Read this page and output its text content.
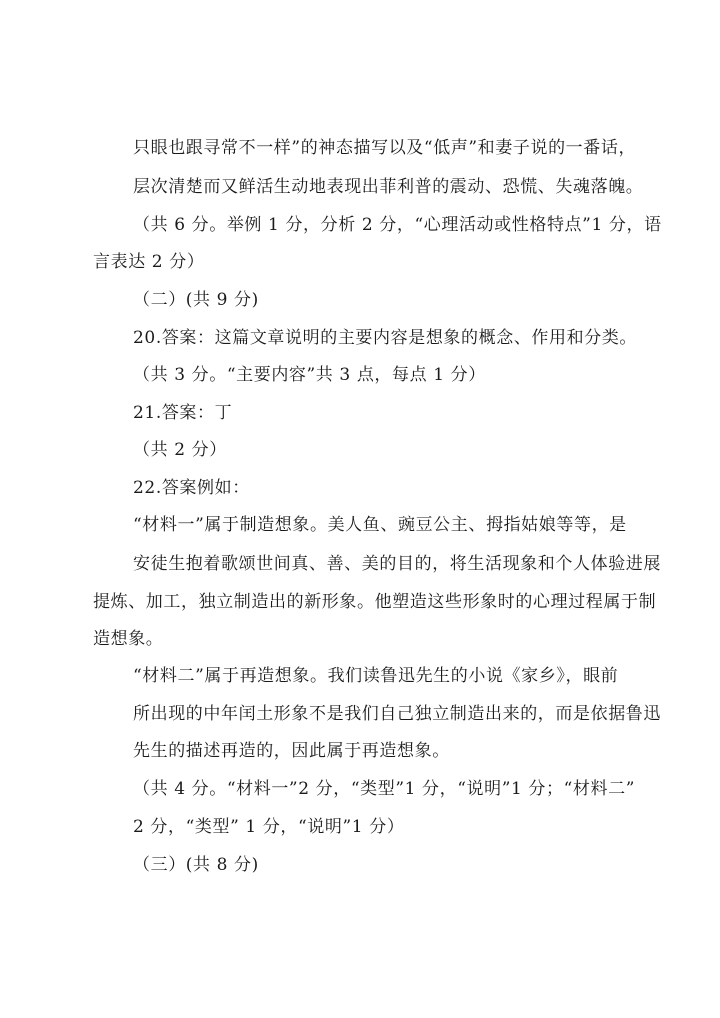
只眼也跟寻常不一样”的神态描写以及“低声”和妻子说的一番话，
层次清楚而又鲜活生动地表现出菲利普的震动、恐慌、失魂落魄。
（共 6 分。举例 1 分，分析 2 分，“心理活动或性格特点”1 分，语
言表达 2 分）
（二）(共 9 分)
20.答案：这篇文章说明的主要内容是想象的概念、作用和分类。
（共 3 分。“主要内容”共 3 点，每点 1 分）
21.答案：丁
（共 2 分）
22.答案例如：
“材料一”属于制造想象。美人鱼、豌豆公主、拇指姑娘等等，是
安徒生抱着歌颂世间真、善、美的目的，将生活现象和个人体验进展
提炼、加工，独立制造出的新形象。他塑造这些形象时的心理过程属于制
造想象。
“材料二”属于再造想象。我们读鲁迅先生的小说《家乡》，眼前
所出现的中年闰土形象不是我们自己独立制造出来的，而是依据鲁迅
先生的描述再造的，因此属于再造想象。
（共 4 分。“材料一”2 分，“类型”1 分，“说明”1 分；“材料二”
2 分，“类型” 1 分，“说明”1 分）
（三）(共 8 分)
